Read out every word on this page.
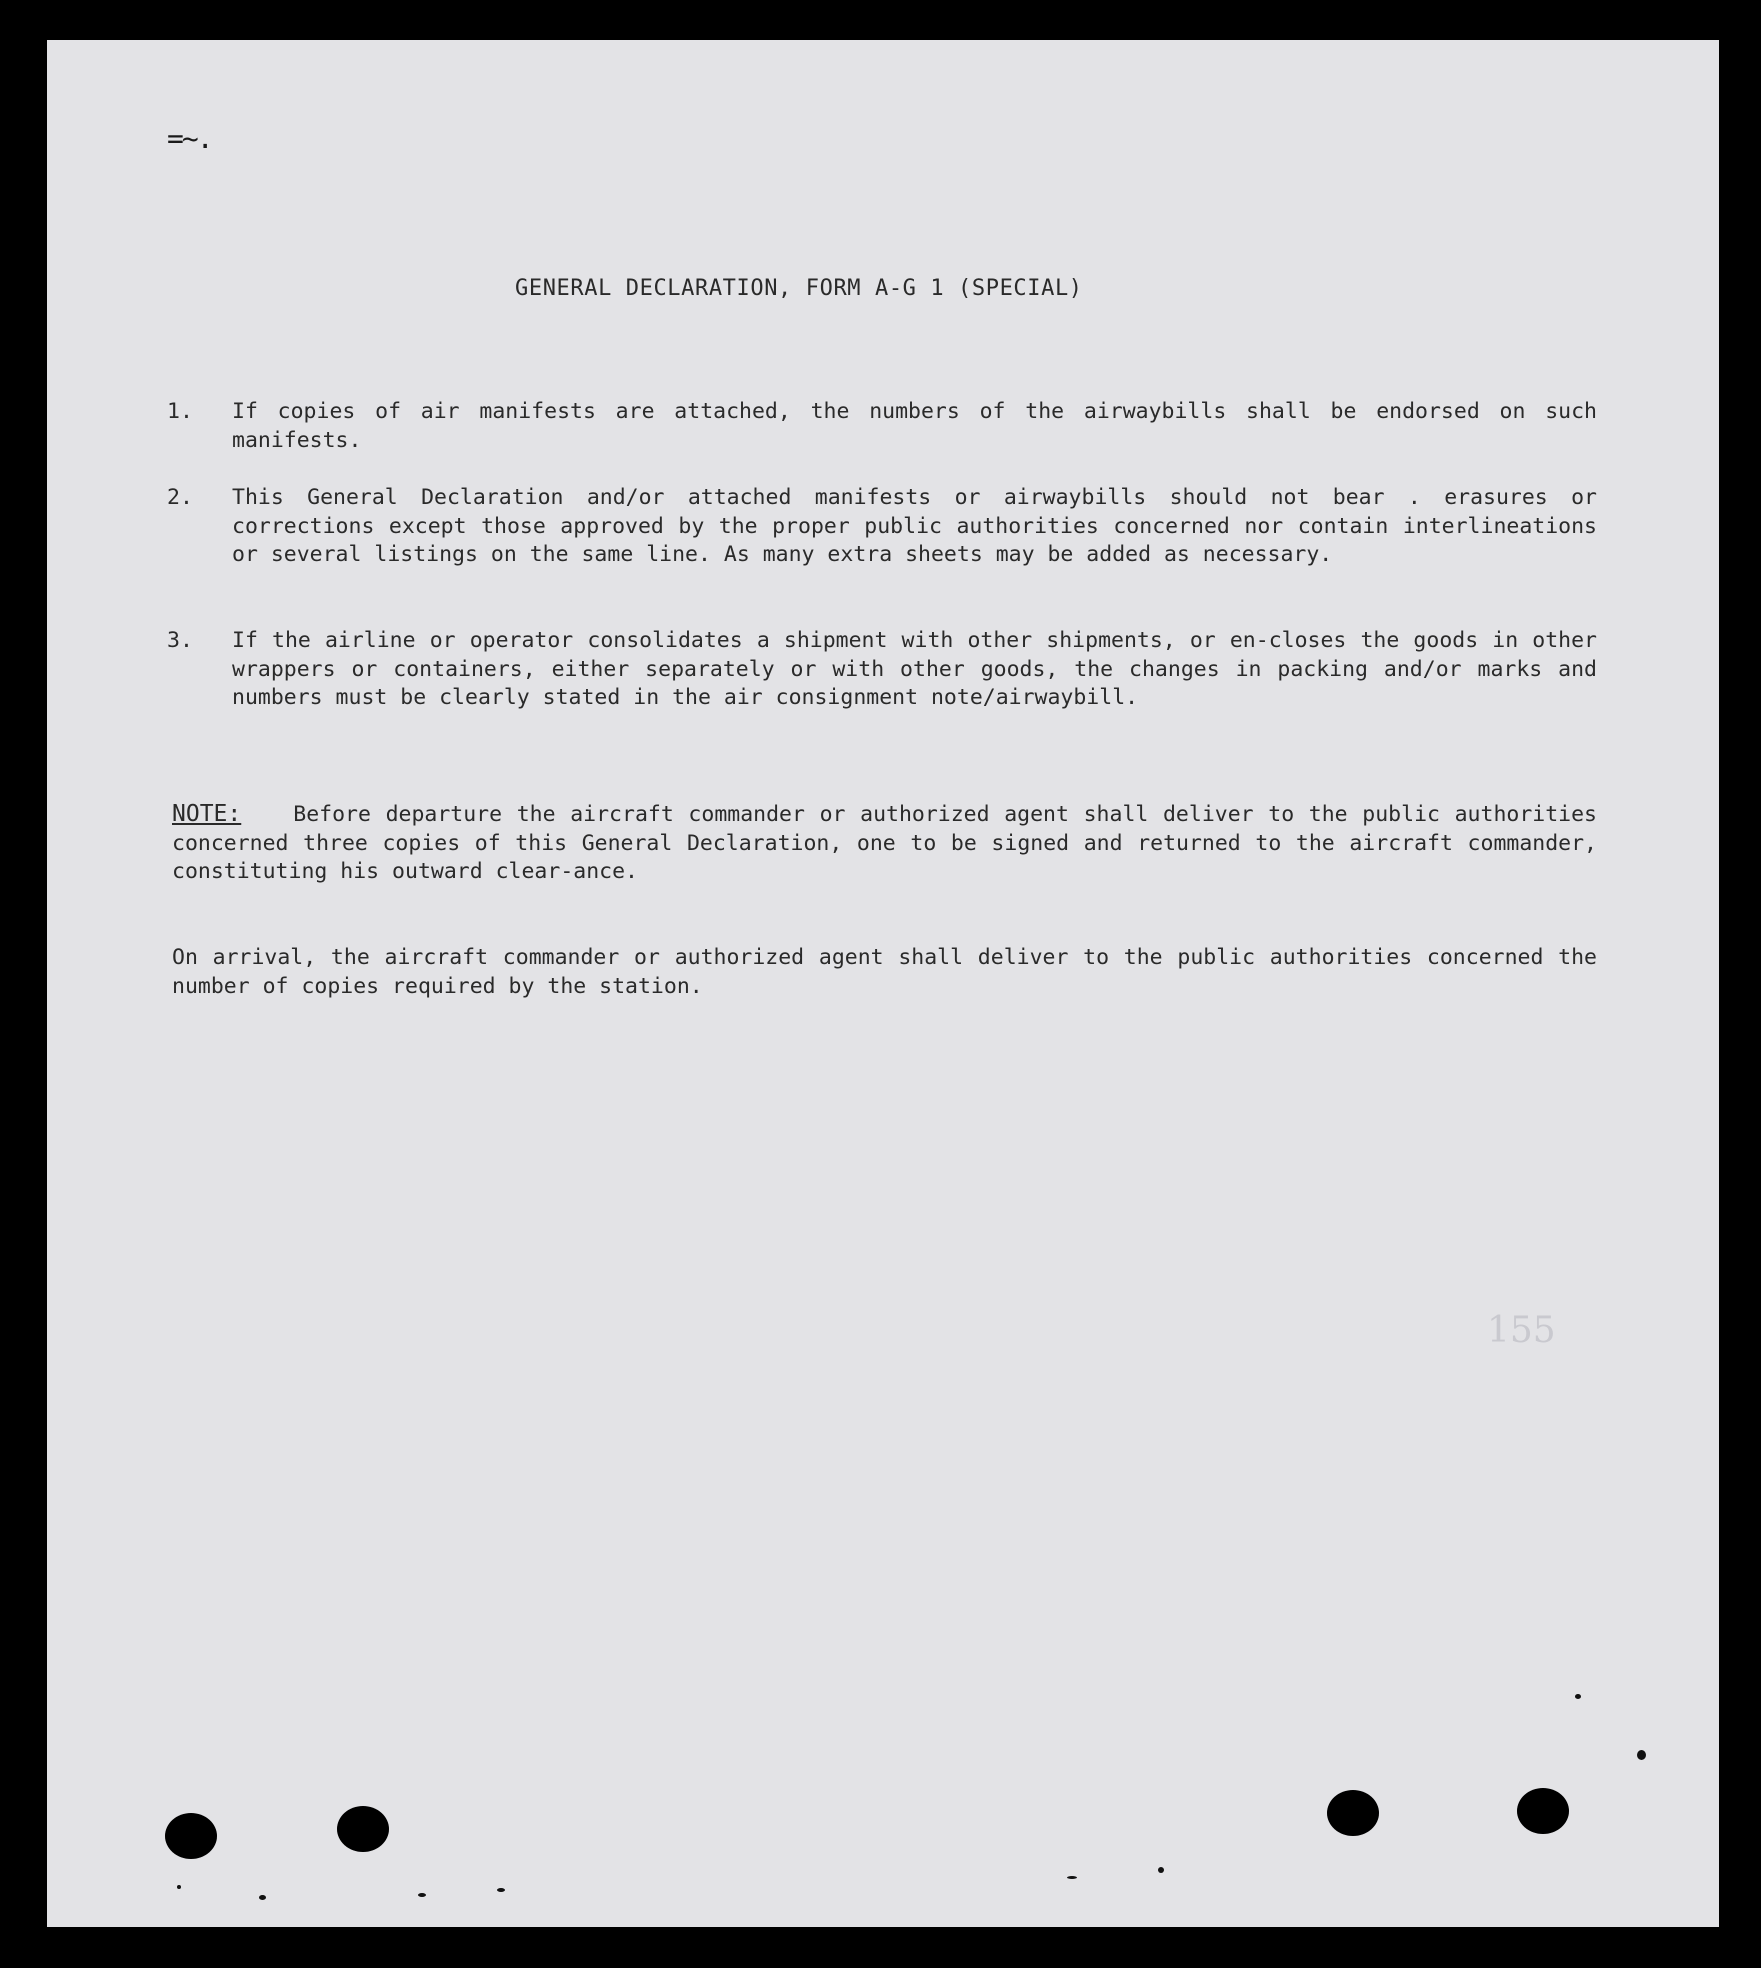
=~.
GENERAL DECLARATION, FORM A-G 1 (SPECIAL)
1.	If copies of air manifests are attached, the numbers of the airwaybills shall be endorsed on such manifests.
2.	This General Declaration and/or attached manifests or airwaybills should not bear . erasures or corrections except those approved by the proper public authorities concerned nor contain interlineations or several listings on the same line. As many extra sheets may be added as necessary.
3.	If the airline or operator consolidates a shipment with other shipments, or en-closes the goods in other wrappers or containers, either separately or with other goods, the changes in packing and/or marks and numbers must be clearly stated in the air consignment note/airwaybill.
NOTE: Before departure the aircraft commander or authorized agent shall deliver to the public authorities concerned three copies of this General Declaration, one to be signed and returned to the aircraft commander, constituting his outward clear-ance.
On arrival, the aircraft commander or authorized agent shall deliver to the public authorities concerned the number of copies required by the station.
155
